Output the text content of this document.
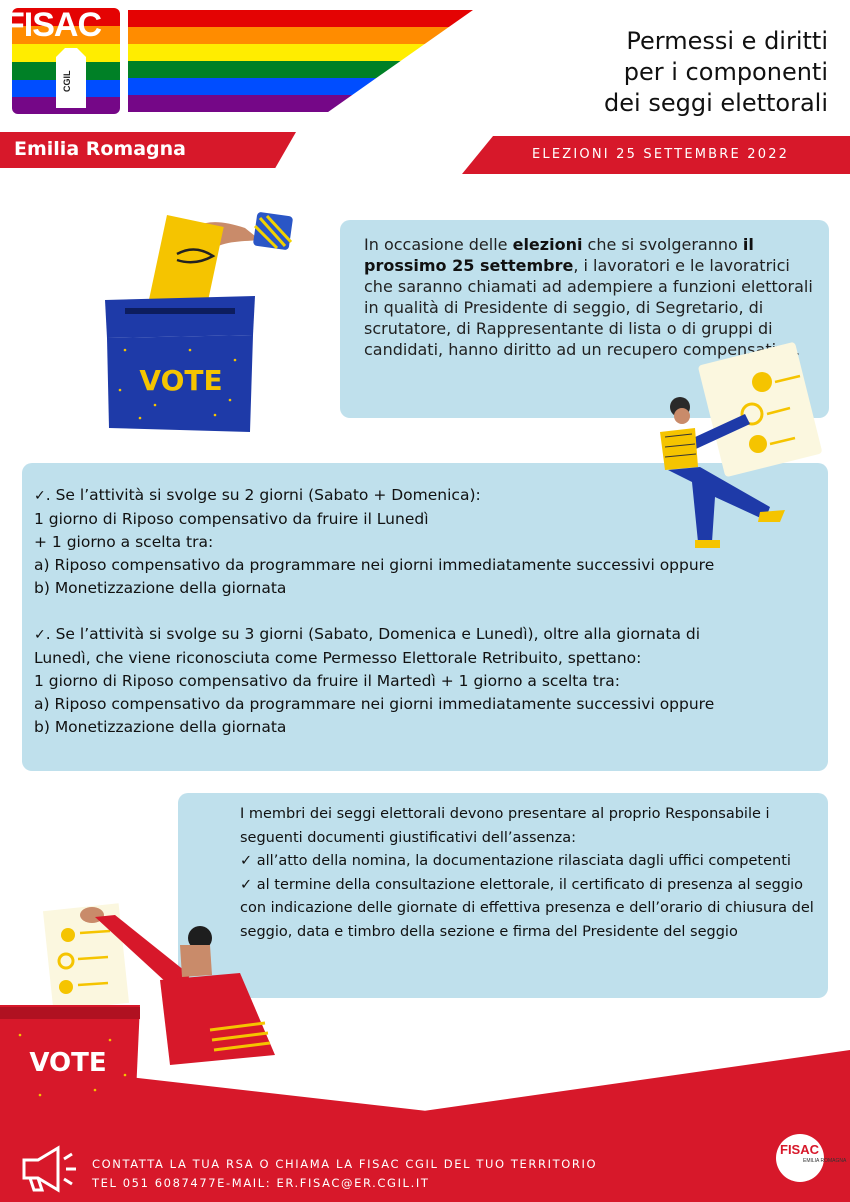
FISAC
CGIL
Permessi e diritti
per i componenti
dei seggi elettorali
Emilia Romagna	ELEZIONI 25 SETTEMBRE 2022
VOTE
In occasione delle elezioni che si svolgeranno il prossimo 25 settembre, i lavoratori e le lavoratrici che saranno chiamati ad adempiere a funzioni elettorali in qualità di Presidente di seggio, di Segretario, di scrutatore, di Rappresentante di lista o di gruppi di candidati, hanno diritto ad un recupero compensativo.
✓. Se l’attività si svolge su 2 giorni (Sabato + Domenica):
1 giorno di Riposo compensativo da fruire il Lunedì
+ 1 giorno a scelta tra:
a) Riposo compensativo da programmare nei giorni immediatamente successivi oppure
b) Monetizzazione della giornata
✓. Se l’attività si svolge su 3 giorni (Sabato, Domenica e Lunedì), oltre alla giornata di
Lunedì, che viene riconosciuta come Permesso Elettorale Retribuito, spettano:
1 giorno di Riposo compensativo da fruire il Martedì + 1 giorno a scelta tra:
a) Riposo compensativo da programmare nei giorni immediatamente successivi oppure
b) Monetizzazione della giornata
I membri dei seggi elettorali devono presentare al proprio Responsabile i seguenti documenti giustificativi dell’assenza:
✓ all’atto della nomina, la documentazione rilasciata dagli uffici competenti
✓ al termine della consultazione elettorale, il certificato di presenza al seggio con indicazione delle giornate di effettiva presenza e dell’orario di chiusura del seggio, data e timbro della sezione e firma del Presidente del seggio
VOTE
CONTATTA LA TUA RSA O CHIAMA LA FISAC CGIL DEL TUO TERRITORIO
TEL 051 6087477E-MAIL: ER.FISAC@ER.CGIL.IT
FISAC
EMILIA ROMAGNA
